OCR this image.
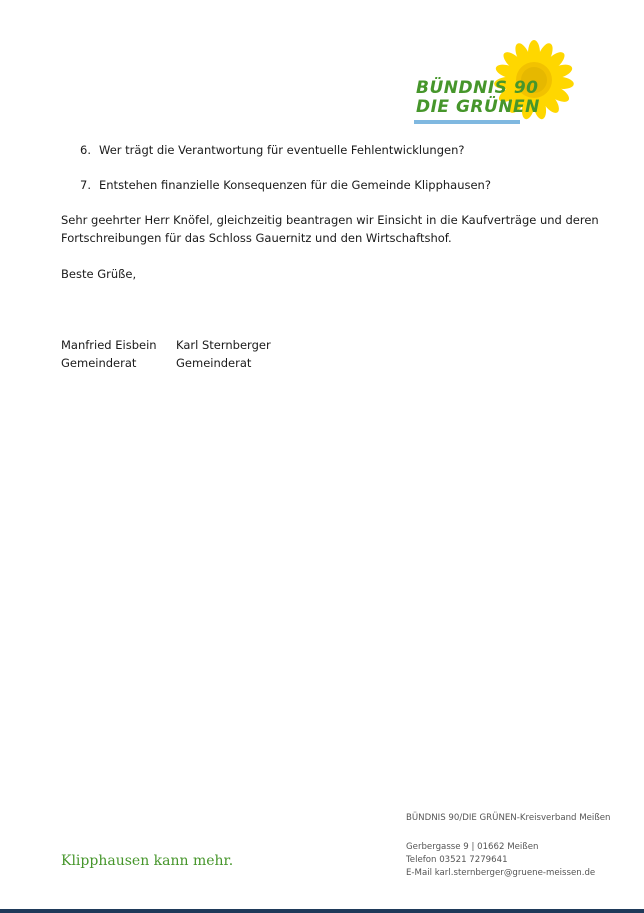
BÜNDNIS 90
DIE GRÜNEN
6. Wer trägt die Verantwortung für eventuelle Fehlentwicklungen?
7. Entstehen finanzielle Konsequenzen für die Gemeinde Klipphausen?
Sehr geehrter Herr Knöfel, gleichzeitig beantragen wir Einsicht in die Kaufverträge und deren
Fortschreibungen für das Schloss Gauernitz und den Wirtschaftshof.
Beste Grüße,
Manfried Eisbein
Gemeinderat
Karl Sternberger
Gemeinderat
Klipphausen kann mehr.
BÜNDNIS 90/DIE GRÜNEN-Kreisverband Meißen
Gerbergasse 9 | 01662 Meißen
Telefon 03521 7279641
E-Mail karl.sternberger@gruene-meissen.de
